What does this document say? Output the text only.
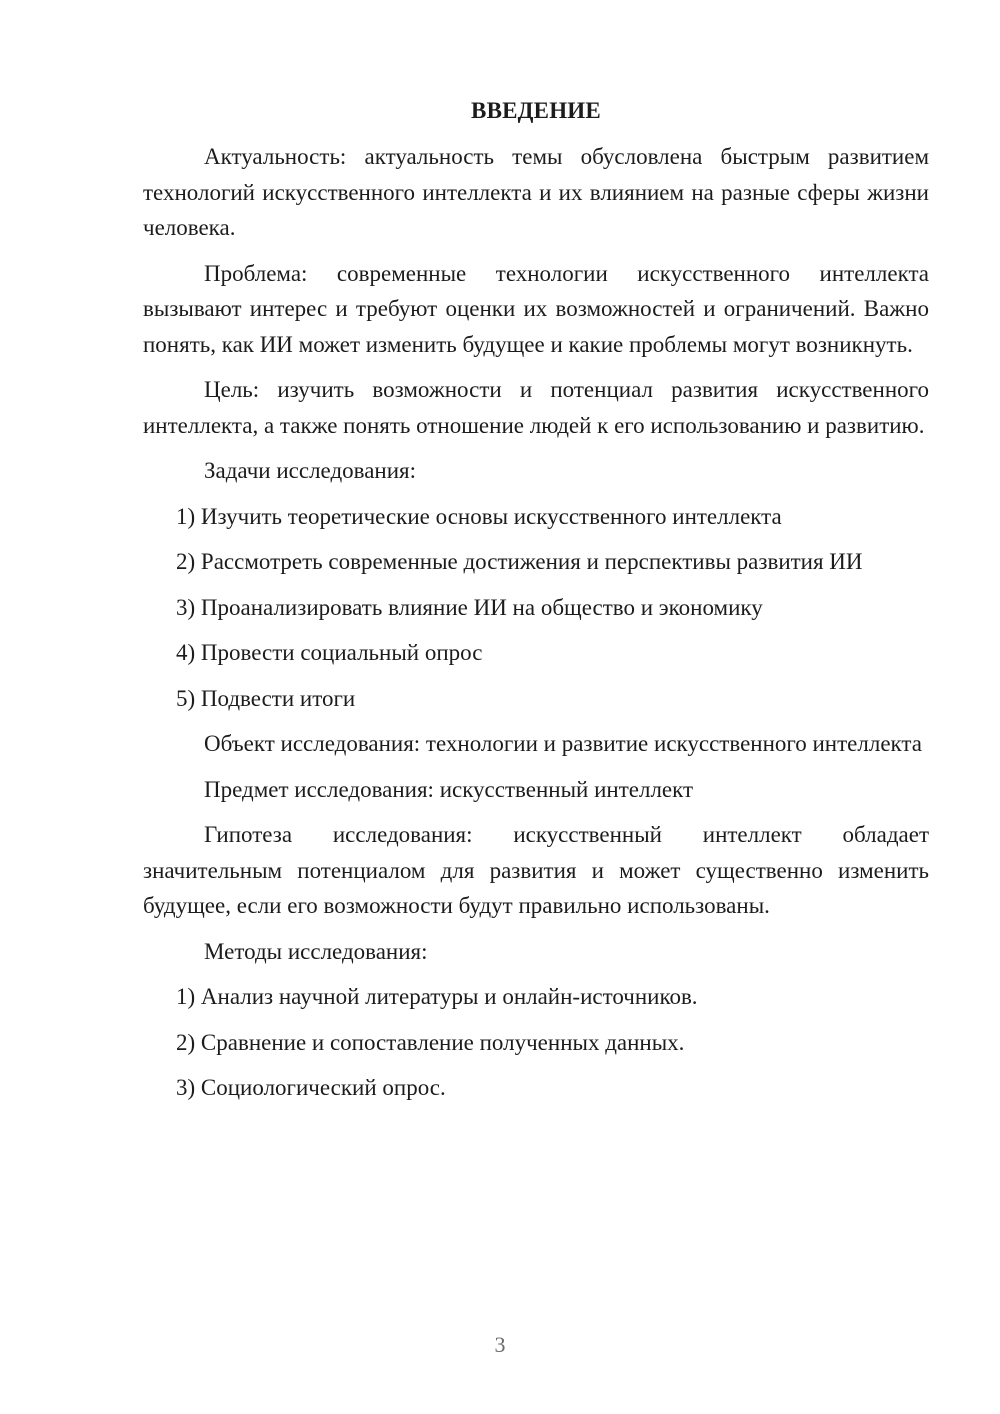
ВВЕДЕНИЕ

Актуальность: актуальность темы обусловлена быстрым развитием технологий искусственного интеллекта и их влиянием на разные сферы жизни человека.

Проблема: современные технологии искусственного интеллекта вызывают интерес и требуют оценки их возможностей и ограничений. Важно понять, как ИИ может изменить будущее и какие проблемы могут возникнуть.

Цель: изучить возможности и потенциал развития искусственного интеллекта, а также понять отношение людей к его использованию и развитию.

Задачи исследования:

1) Изучить теоретические основы искусственного интеллекта
2) Рассмотреть современные достижения и перспективы развития ИИ
3) Проанализировать влияние ИИ на общество и экономику
4) Провести социальный опрос
5) Подвести итоги

Объект исследования: технологии и развитие искусственного интеллекта

Предмет исследования: искусственный интеллект

Гипотеза исследования: искусственный интеллект обладает значительным потенциалом для развития и может существенно изменить будущее, если его возможности будут правильно использованы.

Методы исследования:

1) Анализ научной литературы и онлайн-источников.
2) Сравнение и сопоставление полученных данных.
3) Социологический опрос.
3
